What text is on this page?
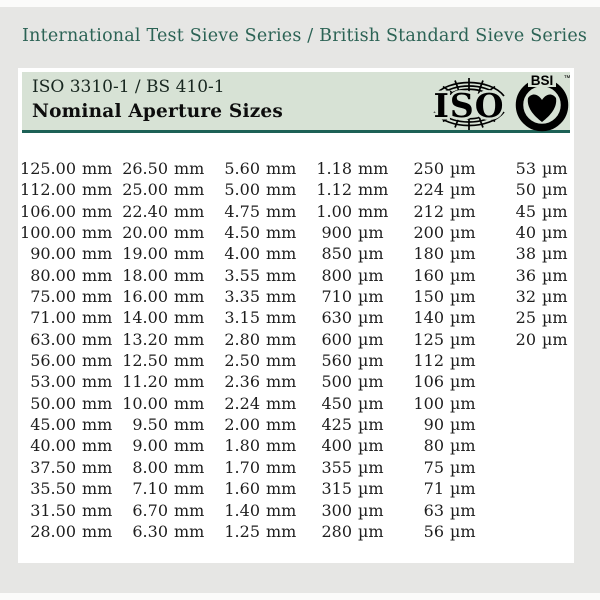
International Test Sieve Series / British Standard Sieve Series
ISO 3310-1 / BS 410-1
Nominal Aperture Sizes	ISO
BSI ™
125.00 mm
112.00 mm
106.00 mm
100.00 mm
90.00 mm
80.00 mm
75.00 mm
71.00 mm
63.00 mm
56.00 mm
53.00 mm
50.00 mm
45.00 mm
40.00 mm
37.50 mm
35.50 mm
31.50 mm
28.00 mm
26.50 mm
25.00 mm
22.40 mm
20.00 mm
19.00 mm
18.00 mm
16.00 mm
14.00 mm
13.20 mm
12.50 mm
11.20 mm
10.00 mm
9.50 mm
9.00 mm
8.00 mm
7.10 mm
6.70 mm
6.30 mm
5.60 mm
5.00 mm
4.75 mm
4.50 mm
4.00 mm
3.55 mm
3.35 mm
3.15 mm
2.80 mm
2.50 mm
2.36 mm
2.24 mm
2.00 mm
1.80 mm
1.70 mm
1.60 mm
1.40 mm
1.25 mm
1.18 mm
1.12 mm
1.00 mm
900 µm
850 µm
800 µm
710 µm
630 µm
600 µm
560 µm
500 µm
450 µm
425 µm
400 µm
355 µm
315 µm
300 µm
280 µm
250 µm
224 µm
212 µm
200 µm
180 µm
160 µm
150 µm
140 µm
125 µm
112 µm
106 µm
100 µm
90 µm
80 µm
75 µm
71 µm
63 µm
56 µm
53 µm
50 µm
45 µm
40 µm
38 µm
36 µm
32 µm
25 µm
20 µm
